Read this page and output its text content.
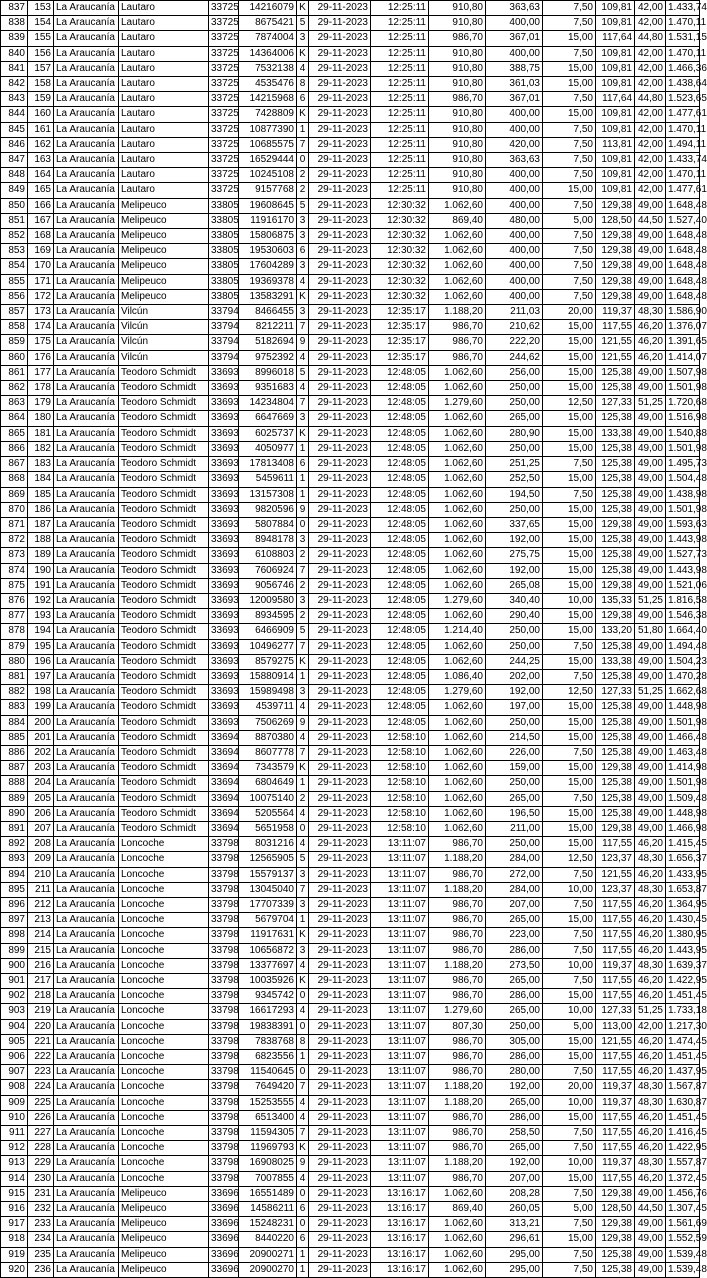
837	153	La Araucanía	Lautaro	33725	14216079	K	29-11-2023	12:25:11	910,80	363,63	7,50	109,81	42,00	1.433,74
838	154	La Araucanía	Lautaro	33725	8675421	5	29-11-2023	12:25:11	910,80	400,00	7,50	109,81	42,00	1.470,11
839	155	La Araucanía	Lautaro	33725	7874004	3	29-11-2023	12:25:11	986,70	367,01	15,00	117,64	44,80	1.531,15
840	156	La Araucanía	Lautaro	33725	14364006	K	29-11-2023	12:25:11	910,80	400,00	7,50	109,81	42,00	1.470,11
841	157	La Araucanía	Lautaro	33725	7532138	4	29-11-2023	12:25:11	910,80	388,75	15,00	109,81	42,00	1.466,36
842	158	La Araucanía	Lautaro	33725	4535476	8	29-11-2023	12:25:11	910,80	361,03	15,00	109,81	42,00	1.438,64
843	159	La Araucanía	Lautaro	33725	14215968	6	29-11-2023	12:25:11	986,70	367,01	7,50	117,64	44,80	1.523,65
844	160	La Araucanía	Lautaro	33725	7428809	K	29-11-2023	12:25:11	910,80	400,00	15,00	109,81	42,00	1.477,61
845	161	La Araucanía	Lautaro	33725	10877390	1	29-11-2023	12:25:11	910,80	400,00	7,50	109,81	42,00	1.470,11
846	162	La Araucanía	Lautaro	33725	10685575	7	29-11-2023	12:25:11	910,80	420,00	7,50	113,81	42,00	1.494,11
847	163	La Araucanía	Lautaro	33725	16529444	0	29-11-2023	12:25:11	910,80	363,63	7,50	109,81	42,00	1.433,74
848	164	La Araucanía	Lautaro	33725	10245108	2	29-11-2023	12:25:11	910,80	400,00	7,50	109,81	42,00	1.470,11
849	165	La Araucanía	Lautaro	33725	9157768	2	29-11-2023	12:25:11	910,80	400,00	15,00	109,81	42,00	1.477,61
850	166	La Araucanía	Melipeuco	33805	19608645	5	29-11-2023	12:30:32	1.062,60	400,00	7,50	129,38	49,00	1.648,48
851	167	La Araucanía	Melipeuco	33805	11916170	3	29-11-2023	12:30:32	869,40	480,00	5,00	128,50	44,50	1.527,40
852	168	La Araucanía	Melipeuco	33805	15806875	3	29-11-2023	12:30:32	1.062,60	400,00	7,50	129,38	49,00	1.648,48
853	169	La Araucanía	Melipeuco	33805	19530603	6	29-11-2023	12:30:32	1.062,60	400,00	7,50	129,38	49,00	1.648,48
854	170	La Araucanía	Melipeuco	33805	17604289	3	29-11-2023	12:30:32	1.062,60	400,00	7,50	129,38	49,00	1.648,48
855	171	La Araucanía	Melipeuco	33805	19369378	4	29-11-2023	12:30:32	1.062,60	400,00	7,50	129,38	49,00	1.648,48
856	172	La Araucanía	Melipeuco	33805	13583291	K	29-11-2023	12:30:32	1.062,60	400,00	7,50	129,38	49,00	1.648,48
857	173	La Araucanía	Vilcún	33794	8466455	3	29-11-2023	12:35:17	1.188,20	211,03	20,00	119,37	48,30	1.586,90
858	174	La Araucanía	Vilcún	33794	8212211	7	29-11-2023	12:35:17	986,70	210,62	15,00	117,55	46,20	1.376,07
859	175	La Araucanía	Vilcún	33794	5182694	9	29-11-2023	12:35:17	986,70	222,20	15,00	121,55	46,20	1.391,65
860	176	La Araucanía	Vilcún	33794	9752392	4	29-11-2023	12:35:17	986,70	244,62	15,00	121,55	46,20	1.414,07
861	177	La Araucanía	Teodoro Schmidt	33693	8996018	5	29-11-2023	12:48:05	1.062,60	256,00	15,00	125,38	49,00	1.507,98
862	178	La Araucanía	Teodoro Schmidt	33693	9351683	4	29-11-2023	12:48:05	1.062,60	250,00	15,00	125,38	49,00	1.501,98
863	179	La Araucanía	Teodoro Schmidt	33693	14234804	7	29-11-2023	12:48:05	1.279,60	250,00	12,50	127,33	51,25	1.720,68
864	180	La Araucanía	Teodoro Schmidt	33693	6647669	3	29-11-2023	12:48:05	1.062,60	265,00	15,00	125,38	49,00	1.516,98
865	181	La Araucanía	Teodoro Schmidt	33693	6025737	K	29-11-2023	12:48:05	1.062,60	280,90	15,00	133,38	49,00	1.540,88
866	182	La Araucanía	Teodoro Schmidt	33693	4050977	1	29-11-2023	12:48:05	1.062,60	250,00	15,00	125,38	49,00	1.501,98
867	183	La Araucanía	Teodoro Schmidt	33693	17813408	6	29-11-2023	12:48:05	1.062,60	251,25	7,50	125,38	49,00	1.495,73
868	184	La Araucanía	Teodoro Schmidt	33693	5459611	1	29-11-2023	12:48:05	1.062,60	252,50	15,00	125,38	49,00	1.504,48
869	185	La Araucanía	Teodoro Schmidt	33693	13157308	1	29-11-2023	12:48:05	1.062,60	194,50	7,50	125,38	49,00	1.438,98
870	186	La Araucanía	Teodoro Schmidt	33693	9820596	9	29-11-2023	12:48:05	1.062,60	250,00	15,00	125,38	49,00	1.501,98
871	187	La Araucanía	Teodoro Schmidt	33693	5807884	0	29-11-2023	12:48:05	1.062,60	337,65	15,00	129,38	49,00	1.593,63
872	188	La Araucanía	Teodoro Schmidt	33693	8948178	3	29-11-2023	12:48:05	1.062,60	192,00	15,00	125,38	49,00	1.443,98
873	189	La Araucanía	Teodoro Schmidt	33693	6108803	2	29-11-2023	12:48:05	1.062,60	275,75	15,00	125,38	49,00	1.527,73
874	190	La Araucanía	Teodoro Schmidt	33693	7606924	7	29-11-2023	12:48:05	1.062,60	192,00	15,00	125,38	49,00	1.443,98
875	191	La Araucanía	Teodoro Schmidt	33693	9056746	2	29-11-2023	12:48:05	1.062,60	265,08	15,00	129,38	49,00	1.521,06
876	192	La Araucanía	Teodoro Schmidt	33693	12009580	3	29-11-2023	12:48:05	1.279,60	340,40	10,00	135,33	51,25	1.816,58
877	193	La Araucanía	Teodoro Schmidt	33693	8934595	2	29-11-2023	12:48:05	1.062,60	290,40	15,00	129,38	49,00	1.546,38
878	194	La Araucanía	Teodoro Schmidt	33693	6466909	5	29-11-2023	12:48:05	1.214,40	250,00	15,00	133,20	51,80	1.664,40
879	195	La Araucanía	Teodoro Schmidt	33693	10496277	7	29-11-2023	12:48:05	1.062,60	250,00	7,50	125,38	49,00	1.494,48
880	196	La Araucanía	Teodoro Schmidt	33693	8579275	K	29-11-2023	12:48:05	1.062,60	244,25	15,00	133,38	49,00	1.504,23
881	197	La Araucanía	Teodoro Schmidt	33693	15880914	1	29-11-2023	12:48:05	1.086,40	202,00	7,50	125,38	49,00	1.470,28
882	198	La Araucanía	Teodoro Schmidt	33693	15989498	3	29-11-2023	12:48:05	1.279,60	192,00	12,50	127,33	51,25	1.662,68
883	199	La Araucanía	Teodoro Schmidt	33693	4539711	4	29-11-2023	12:48:05	1.062,60	197,00	15,00	125,38	49,00	1.448,98
884	200	La Araucanía	Teodoro Schmidt	33693	7506269	9	29-11-2023	12:48:05	1.062,60	250,00	15,00	125,38	49,00	1.501,98
885	201	La Araucanía	Teodoro Schmidt	33694	8870380	4	29-11-2023	12:58:10	1.062,60	214,50	15,00	125,38	49,00	1.466,48
886	202	La Araucanía	Teodoro Schmidt	33694	8607778	7	29-11-2023	12:58:10	1.062,60	226,00	7,50	125,38	49,00	1.463,48
887	203	La Araucanía	Teodoro Schmidt	33694	7343579	K	29-11-2023	12:58:10	1.062,60	159,00	15,00	129,38	49,00	1.414,98
888	204	La Araucanía	Teodoro Schmidt	33694	6804649	1	29-11-2023	12:58:10	1.062,60	250,00	15,00	125,38	49,00	1.501,98
889	205	La Araucanía	Teodoro Schmidt	33694	10075140	2	29-11-2023	12:58:10	1.062,60	265,00	7,50	125,38	49,00	1.509,48
890	206	La Araucanía	Teodoro Schmidt	33694	5205564	4	29-11-2023	12:58:10	1.062,60	196,50	15,00	125,38	49,00	1.448,98
891	207	La Araucanía	Teodoro Schmidt	33694	5651958	0	29-11-2023	12:58:10	1.062,60	211,00	15,00	129,38	49,00	1.466,98
892	208	La Araucanía	Loncoche	33798	8031216	4	29-11-2023	13:11:07	986,70	250,00	15,00	117,55	46,20	1.415,45
893	209	La Araucanía	Loncoche	33798	12565905	5	29-11-2023	13:11:07	1.188,20	284,00	12,50	123,37	48,30	1.656,37
894	210	La Araucanía	Loncoche	33798	15579137	3	29-11-2023	13:11:07	986,70	272,00	7,50	121,55	46,20	1.433,95
895	211	La Araucanía	Loncoche	33798	13045040	7	29-11-2023	13:11:07	1.188,20	284,00	10,00	123,37	48,30	1.653,87
896	212	La Araucanía	Loncoche	33798	17707339	3	29-11-2023	13:11:07	986,70	207,00	7,50	117,55	46,20	1.364,95
897	213	La Araucanía	Loncoche	33798	5679704	1	29-11-2023	13:11:07	986,70	265,00	15,00	117,55	46,20	1.430,45
898	214	La Araucanía	Loncoche	33798	11917631	K	29-11-2023	13:11:07	986,70	223,00	7,50	117,55	46,20	1.380,95
899	215	La Araucanía	Loncoche	33798	10656872	3	29-11-2023	13:11:07	986,70	286,00	7,50	117,55	46,20	1.443,95
900	216	La Araucanía	Loncoche	33798	13377697	4	29-11-2023	13:11:07	1.188,20	273,50	10,00	119,37	48,30	1.639,37
901	217	La Araucanía	Loncoche	33798	10035926	K	29-11-2023	13:11:07	986,70	265,00	7,50	117,55	46,20	1.422,95
902	218	La Araucanía	Loncoche	33798	9345742	0	29-11-2023	13:11:07	986,70	286,00	15,00	117,55	46,20	1.451,45
903	219	La Araucanía	Loncoche	33798	16617293	4	29-11-2023	13:11:07	1.279,60	265,00	10,00	127,33	51,25	1.733,18
904	220	La Araucanía	Loncoche	33798	19838391	0	29-11-2023	13:11:07	807,30	250,00	5,00	113,00	42,00	1.217,30
905	221	La Araucanía	Loncoche	33798	7838768	8	29-11-2023	13:11:07	986,70	305,00	15,00	121,55	46,20	1.474,45
906	222	La Araucanía	Loncoche	33798	6823556	1	29-11-2023	13:11:07	986,70	286,00	15,00	117,55	46,20	1.451,45
907	223	La Araucanía	Loncoche	33798	11540645	0	29-11-2023	13:11:07	986,70	280,00	7,50	117,55	46,20	1.437,95
908	224	La Araucanía	Loncoche	33798	7649420	7	29-11-2023	13:11:07	1.188,20	192,00	20,00	119,37	48,30	1.567,87
909	225	La Araucanía	Loncoche	33798	15253555	4	29-11-2023	13:11:07	1.188,20	265,00	10,00	119,37	48,30	1.630,87
910	226	La Araucanía	Loncoche	33798	6513400	4	29-11-2023	13:11:07	986,70	286,00	15,00	117,55	46,20	1.451,45
911	227	La Araucanía	Loncoche	33798	11594305	7	29-11-2023	13:11:07	986,70	258,50	7,50	117,55	46,20	1.416,45
912	228	La Araucanía	Loncoche	33798	11969793	K	29-11-2023	13:11:07	986,70	265,00	7,50	117,55	46,20	1.422,95
913	229	La Araucanía	Loncoche	33798	16908025	9	29-11-2023	13:11:07	1.188,20	192,00	10,00	119,37	48,30	1.557,87
914	230	La Araucanía	Loncoche	33798	7007855	4	29-11-2023	13:11:07	986,70	207,00	15,00	117,55	46,20	1.372,45
915	231	La Araucanía	Melipeuco	33696	16551489	0	29-11-2023	13:16:17	1.062,60	208,28	7,50	129,38	49,00	1.456,76
916	232	La Araucanía	Melipeuco	33696	14586211	6	29-11-2023	13:16:17	869,40	260,05	5,00	128,50	44,50	1.307,45
917	233	La Araucanía	Melipeuco	33696	15248231	0	29-11-2023	13:16:17	1.062,60	313,21	7,50	129,38	49,00	1.561,69
918	234	La Araucanía	Melipeuco	33696	8440220	6	29-11-2023	13:16:17	1.062,60	296,61	15,00	129,38	49,00	1.552,59
919	235	La Araucanía	Melipeuco	33696	20900271	1	29-11-2023	13:16:17	1.062,60	295,00	7,50	125,38	49,00	1.539,48
920	236	La Araucanía	Melipeuco	33696	20900270	1	29-11-2023	13:16:17	1.062,60	295,00	7,50	125,38	49,00	1.539,48
